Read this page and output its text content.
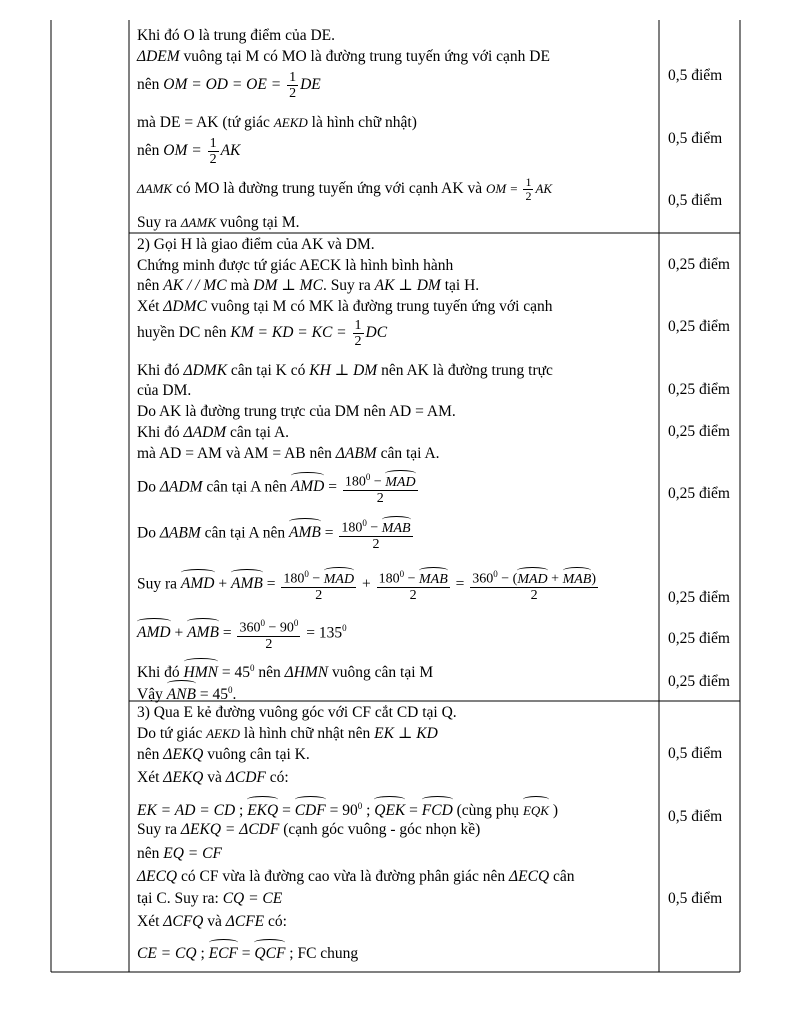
0,5 điểm
0,5 điểm
0,5 điểm
0,25 điểm
0,25 điểm
0,25 điểm
0,25 điểm
0,25 điểm
0,25 điểm
0,25 điểm
0,25 điểm
0,5 điểm
0,5 điểm
0,5 điểm
Khi đó O là trung điểm của DE.
ΔDEM vuông tại M có MO là đường trung tuyến ứng với cạnh DE
nên OM = OD = OE = $\frac{1}{2}$ DE
mà DE = AK (tứ giác AEKD là hình chữ nhật)
nên OM = $\frac{1}{2}$ AK
ΔAMK có MO là đường trung tuyến ứng với cạnh AK và OM = $\frac{1}{2}$ AK
Suy ra ΔAMK vuông tại M.
2) Gọi H là giao điểm của AK và DM.
Chứng minh được tứ giác AECK là hình bình hành
nên AK / / MC mà DM ⊥ MC. Suy ra AK ⊥ DM tại H.
Xét ΔDMC vuông tại M có MK là đường trung tuyến ứng với cạnh
huyền DC nên KM = KD = KC = $\frac{1}{2}$ DC
Khi đó ΔDMK cân tại K có KH ⊥ DM nên AK là đường trung trực
của DM.
Do AK là đường trung trực của DM nên AD = AM.
Khi đó ΔADM cân tại A.
mà AD = AM và AM = AB nên ΔABM cân tại A.
Do ΔADM cân tại A nên AMD = $\frac{180^0 - MAD}{2}$
Do ΔABM cân tại A nên AMB = $\frac{180^0 - MAB}{2}$
Suy ra AMD + AMB = $\frac{180^0 - MAD}{2} + \frac{180^0 - MAB}{2} = \frac{360^0 - (MAD + MAB)}{2}$
AMD + AMB = $\frac{360^0 - 90^0}{2} = 135^0$
Khi đó HMN = $45^0$ nên ΔHMN vuông cân tại M
Vậy ANB = $45^0$.
3) Qua E kẻ đường vuông góc với CF cắt CD tại Q.
Do tứ giác AEKD là hình chữ nhật nên EK ⊥ KD
nên ΔEKQ vuông cân tại K.
Xét ΔEKQ và ΔCDF có:
EK = AD = CD ; EKQ = CDF = $90^0$ ; QEK = FCD (cùng phụ EQK )
Suy ra ΔEKQ = ΔCDF (cạnh góc vuông - góc nhọn kề)
nên EQ = CF
ΔECQ có CF vừa là đường cao vừa là đường phân giác nên ΔECQ cân
tại C. Suy ra: CQ = CE
Xét ΔCFQ và ΔCFE có:
CE = CQ ; ECF = QCF ; FC chung
